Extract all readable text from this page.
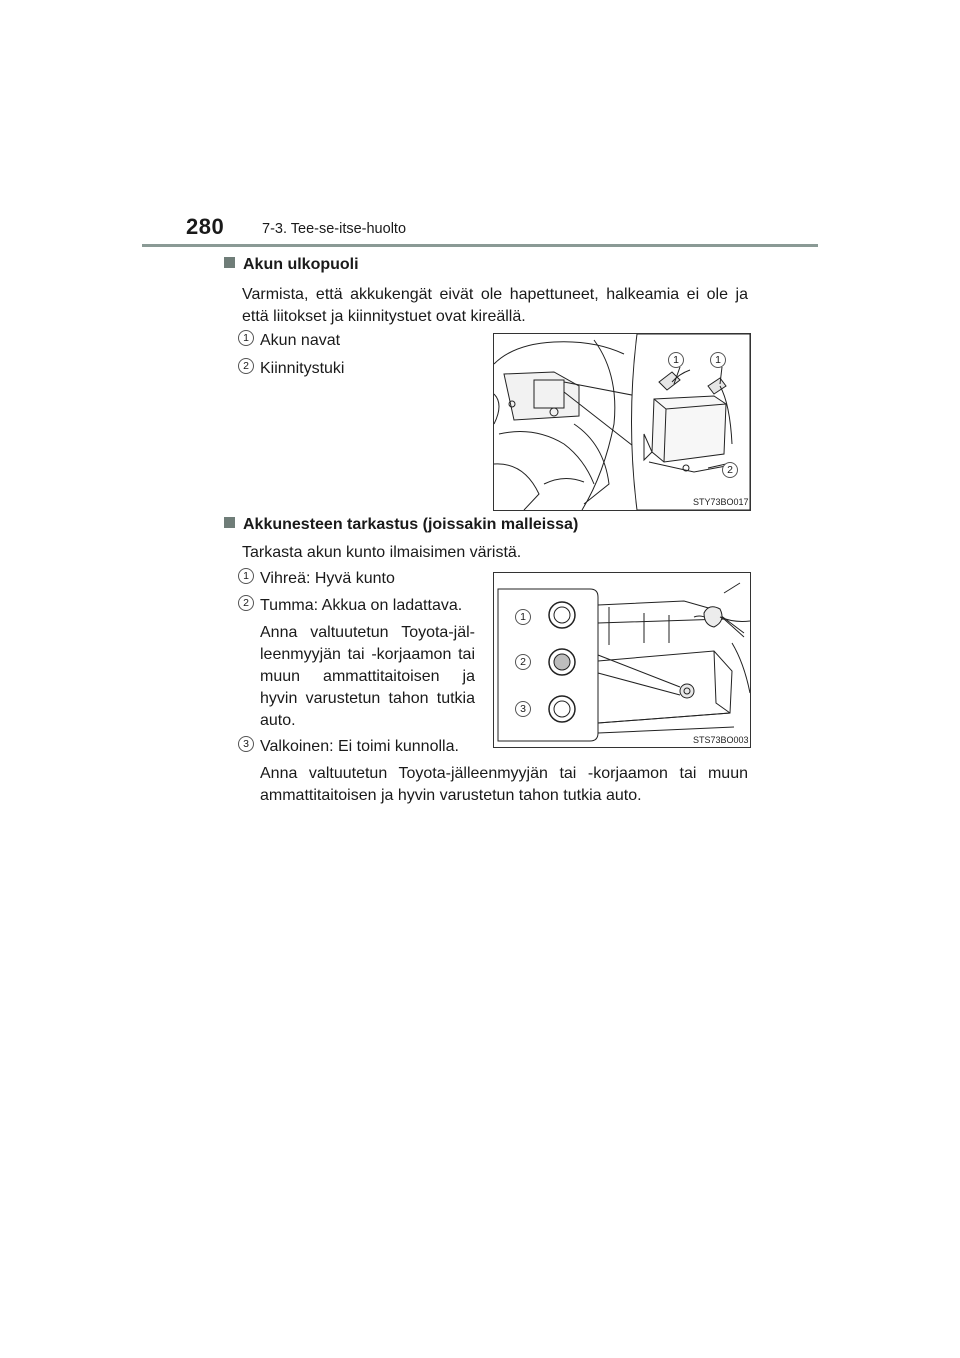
280	7-3. Tee-se-itse-huolto
Akun ulkopuoli
Varmista, että akkukengät eivät ole hapettuneet, halkeamia ei ole ja että liitokset ja kiinnitystuet ovat kireällä.
1 Akun navat
2 Kiinnitystuki	1	1
2
STY73BO017
Akkunesteen tarkastus (joissakin malleissa)
Tarkasta akun kunto ilmaisimen väristä.
1 Vihreä: Hyvä kunto
2 Tumma: Akkua on ladattava.
Anna valtuutetun Toyota-jäl-leenmyyjän tai -korjaamon tai muun ammattitaitoisen ja hyvin varustetun tahon tutkia auto.
3 Valkoinen: Ei toimi kunnolla.
Anna valtuutetun Toyota-jälleenmyyjän tai -korjaamon tai muun ammattitaitoisen ja hyvin varustetun tahon tutkia auto.
1
2
3
STS73BO003
